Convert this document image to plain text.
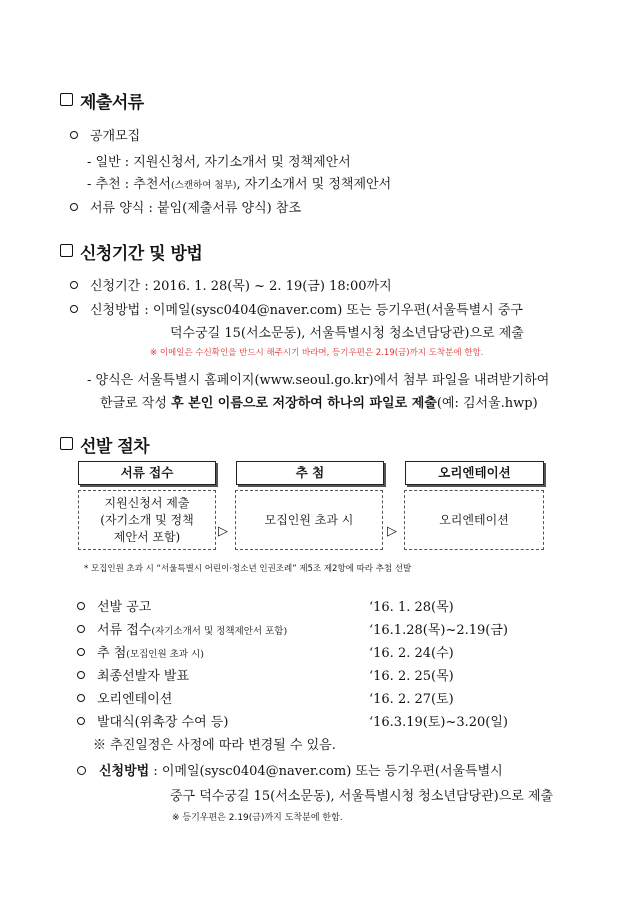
제출서류
공개모집
- 일반 : 지원신청서, 자기소개서 및 정책제안서
- 추천 : 추천서(스캔하여 첨부), 자기소개서 및 정책제안서
서류 양식 : 붙임(제출서류 양식) 참조
신청기간 및 방법
신청기간 : 2016. 1. 28(목) ~ 2. 19(금) 18:00까지
신청방법 : 이메일(sysc0404@naver.com) 또는 등기우편(서울특별시 중구
덕수궁길 15(서소문동), 서울특별시청 청소년담당관)으로 제출
※ 이메일은 수신확인을 반드시 해주시기 바라며, 등기우편은 2.19(금)까지 도착분에 한함.
- 양식은 서울특별시 홈페이지(www.seoul.go.kr)에서 첨부 파일을 내려받기하여
한글로 작성 후 본인 이름으로 저장하여 하나의 파일로 제출(예: 김서울.hwp)
선발 절차
서류 접수	추 첨	오리엔테이션
지원신청서 제출
(자기소개 및 정책
제안서 포함)	▷
모집인원 초과 시
▷
오리엔테이션
* 모집인원 초과 시 “서울특별시 어린이·청소년 인권조례” 제5조 제2항에 따라 추첨 선발
선발 공고	‘16. 1. 28(목)
서류 접수(자기소개서 및 정책제안서 포함)	‘16.1.28(목)~2.19(금)
추 첨(모집인원 초과 시)	‘16. 2. 24(수)
최종선발자 발표	‘16. 2. 25(목)
오리엔테이션	‘16. 2. 27(토)
발대식(위촉장 수여 등)	‘16.3.19(토)~3.20(일)
※ 추진일정은 사정에 따라 변경될 수 있음.
신청방법 : 이메일(sysc0404@naver.com) 또는 등기우편(서울특별시
중구 덕수궁길 15(서소문동), 서울특별시청 청소년담당관)으로 제출
※ 등기우편은 2.19(금)까지 도착분에 한함.
